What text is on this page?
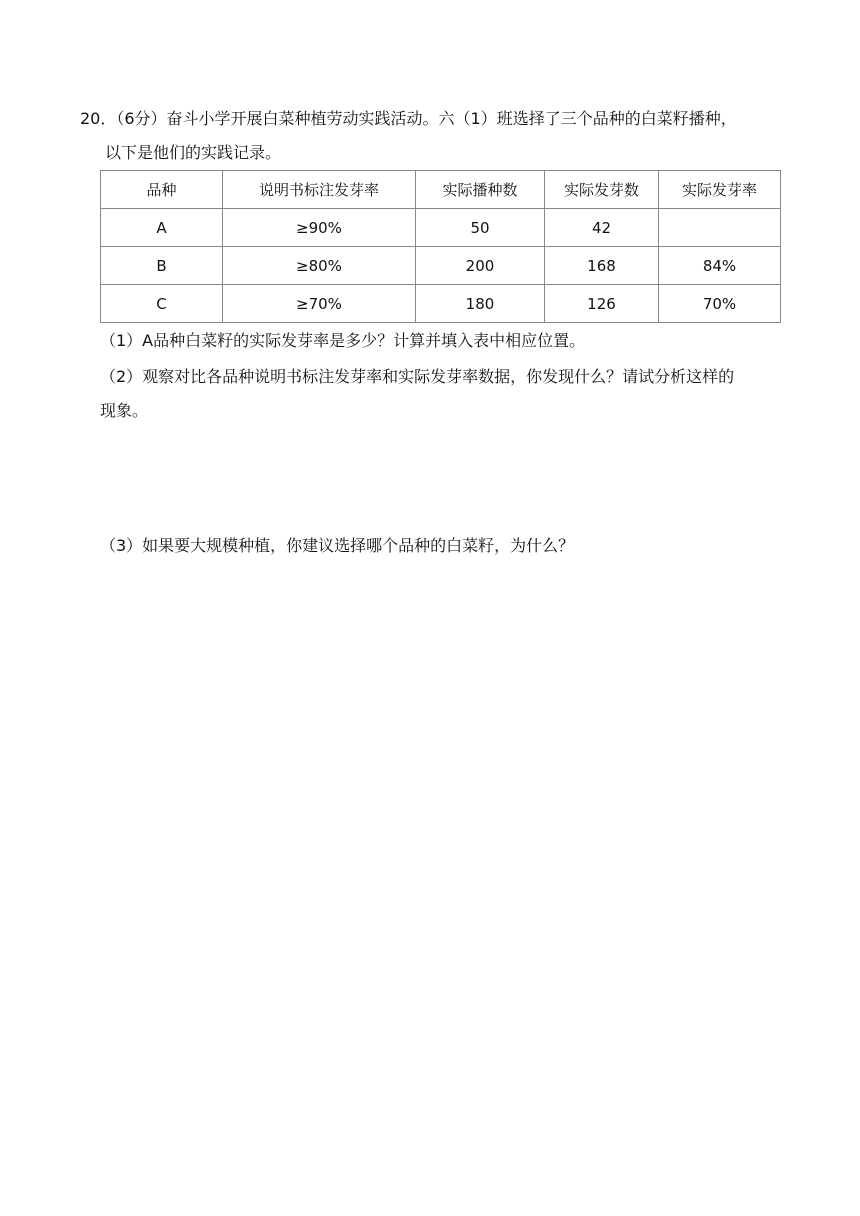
20．（6分）奋斗小学开展白菜种植劳动实践活动。六（1）班选择了三个品种的白菜籽播种，
以下是他们的实践记录。
品种	说明书标注发芽率	实际播种数	实际发芽数	实际发芽率
A	≥90%	50	42	
B	≥80%	200	168	84%
C	≥70%	180	126	70%
（1）A品种白菜籽的实际发芽率是多少？计算并填入表中相应位置。
（2）观察对比各品种说明书标注发芽率和实际发芽率数据，你发现什么？请试分析这样的
现象。
（3）如果要大规模种植，你建议选择哪个品种的白菜籽，为什么？
